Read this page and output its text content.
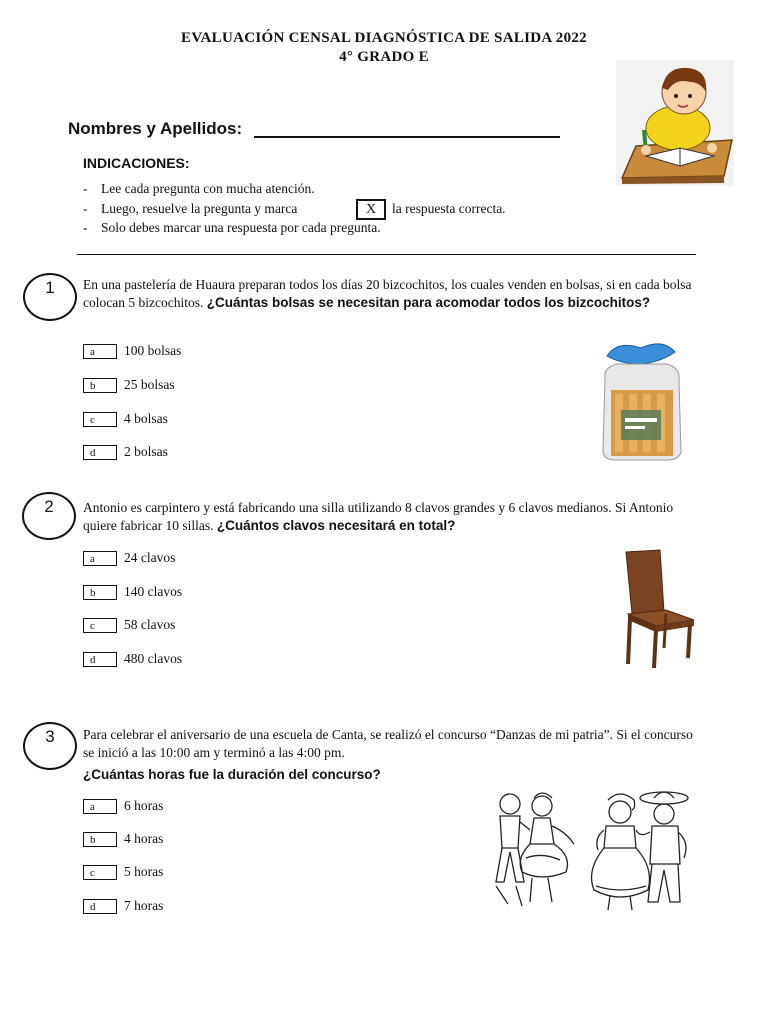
EVALUACIÓN CENSAL DIAGNÓSTICA DE SALIDA 2022
4° GRADO E
Nombres y Apellidos:
INDICACIONES:
- Lee cada pregunta con mucha atención.
- Luego, resuelve la pregunta y marca	X	la respuesta correcta.
- Solo debes marcar una respuesta por cada pregunta.
1	En una pastelería de Huaura preparan todos los días 20 bizcochitos, los cuales venden en bolsas, si en cada bolsa colocan 5 bizcochitos. ¿Cuántas bolsas se necesitan para acomodar todos los bizcochitos?
a	100 bolsas
b	25 bolsas
c	4 bolsas
d	2 bolsas
2	Antonio es carpintero y está fabricando una silla utilizando 8 clavos grandes y 6 clavos medianos. Si Antonio quiere fabricar 10 sillas. ¿Cuántos clavos necesitará en total?
a	24 clavos
b	140 clavos
c	58 clavos
d	480 clavos
3	Para celebrar el aniversario de una escuela de Canta, se realizó el concurso “Danzas de mi patria”. Si el concurso se inició a las 10:00 am y terminó a las 4:00 pm.
¿Cuántas horas fue la duración del concurso?
a	6 horas
b	4 horas
c	5 horas
d	7 horas
